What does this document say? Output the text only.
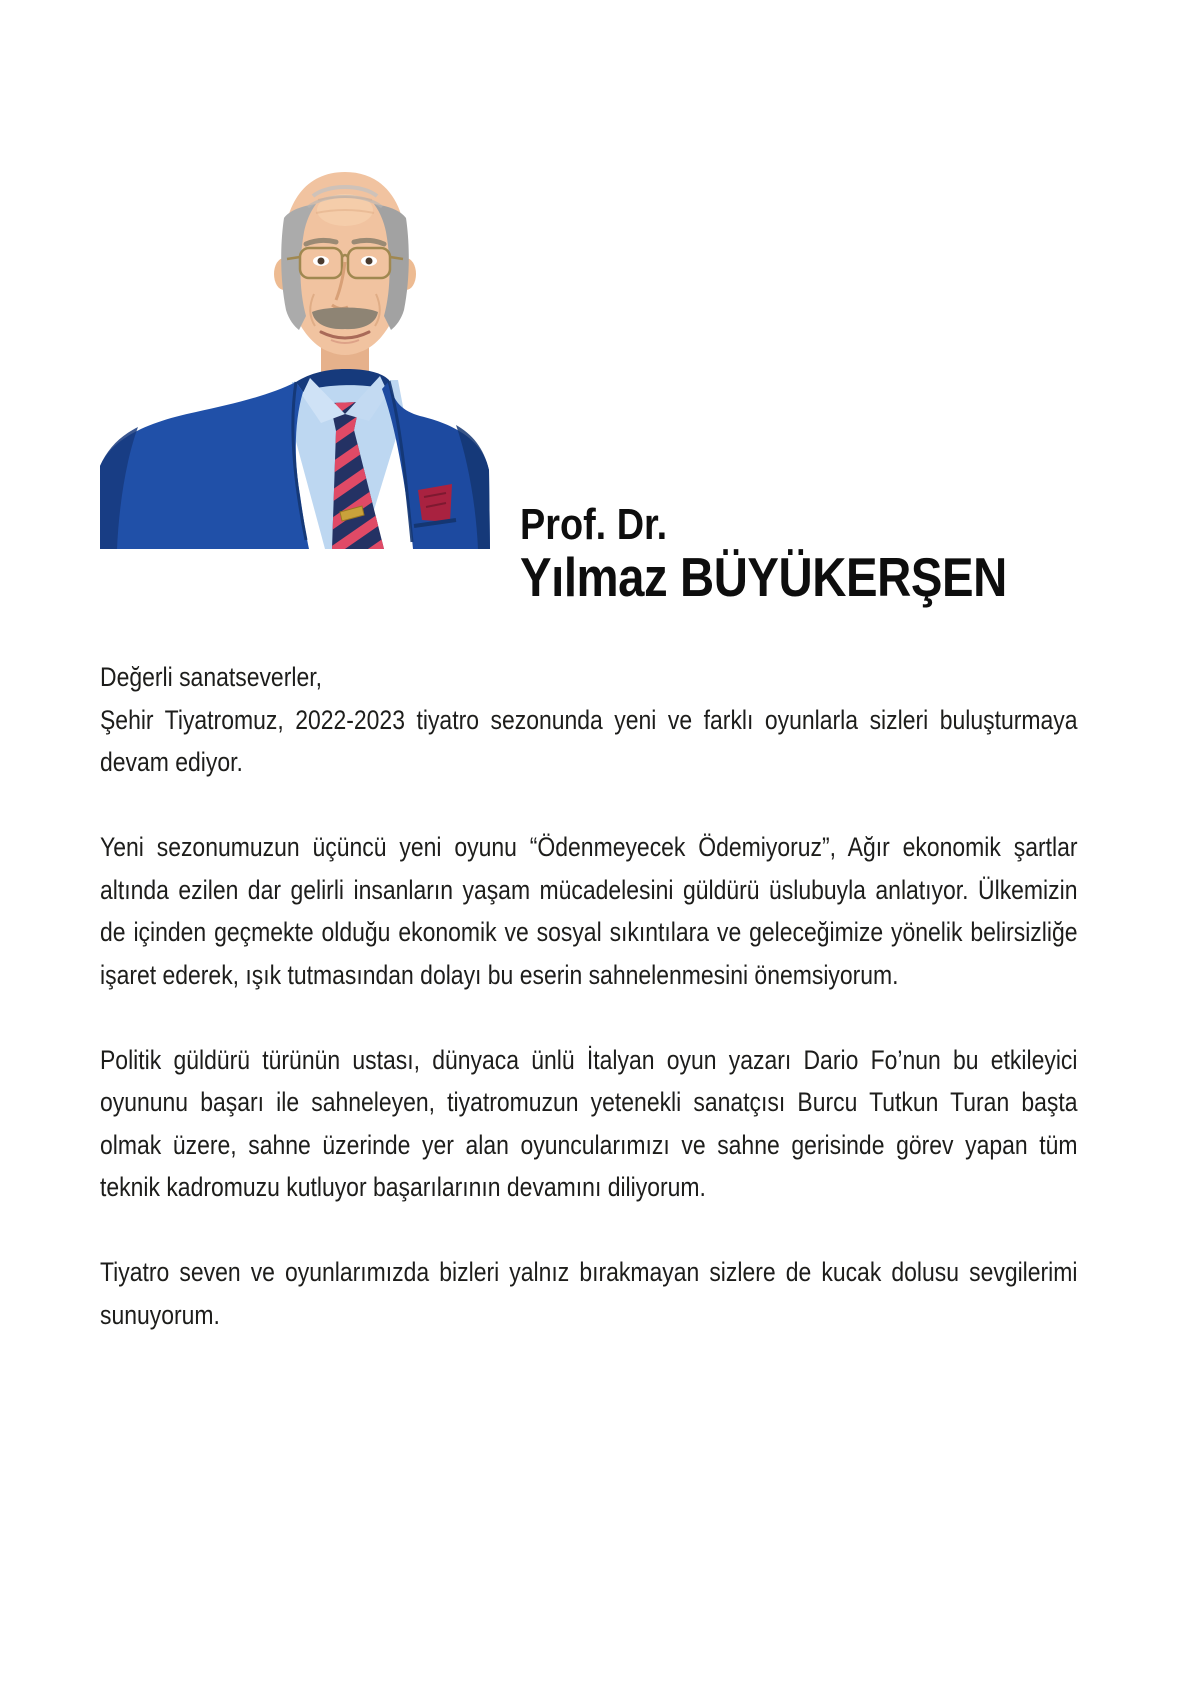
Prof. Dr.
Yılmaz BÜYÜKERŞEN

Değerli sanatseverler,

Şehir Tiyatromuz, 2022-2023 tiyatro sezonunda yeni ve farklı oyunlarla sizleri buluşturmaya devam ediyor.

Yeni sezonumuzun üçüncü yeni oyunu “Ödenmeyecek Ödemiyoruz”, Ağır ekonomik şartlar altında ezilen dar gelirli insanların yaşam mücadelesini güldürü üslubuyla anlatıyor. Ülkemizin de içinden geçmekte olduğu ekonomik ve sosyal sıkıntılara ve geleceğimize yönelik belirsizliğe işaret ederek, ışık tutmasından dolayı bu eserin sahnelenmesini önemsiyorum.

Politik güldürü türünün ustası, dünyaca ünlü İtalyan oyun yazarı Dario Fo’nun bu etkileyici oyununu başarı ile sahneleyen, tiyatromuzun yetenekli sanatçısı Burcu Tutkun Turan başta olmak üzere, sahne üzerinde yer alan oyuncularımızı ve sahne gerisinde görev yapan tüm teknik kadromuzu kutluyor başarılarının devamını diliyorum.

Tiyatro seven ve oyunlarımızda bizleri yalnız bırakmayan sizlere de kucak dolusu sevgilerimi sunuyorum.
